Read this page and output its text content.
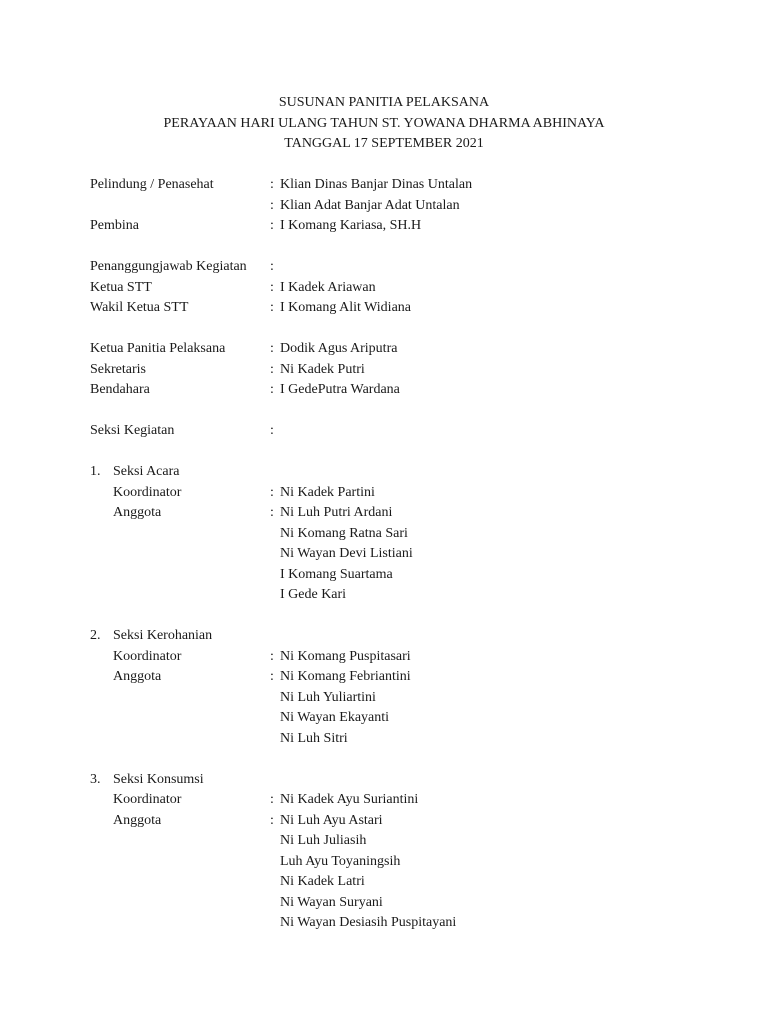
SUSUNAN PANITIA PELAKSANA
PERAYAAN HARI ULANG TAHUN ST. YOWANA DHARMA ABHINAYA
TANGGAL 17 SEPTEMBER 2021
Pelindung / Penasehat	: Klian Dinas Banjar Dinas Untalan
: Klian Adat Banjar Adat Untalan
Pembina	: I Komang Kariasa, SH.H
Penanggungjawab Kegiatan :
Ketua STT	: I Kadek Ariawan
Wakil Ketua STT	: I Komang Alit Widiana
Ketua Panitia Pelaksana	: Dodik Agus Ariputra
Sekretaris	: Ni Kadek Putri
Bendahara	: I GedePutra Wardana
Seksi Kegiatan	:
1. Seksi Acara
Koordinator	: Ni Kadek Partini
Anggota	: Ni Luh Putri Ardani
Ni Komang Ratna Sari
Ni Wayan Devi Listiani
I Komang Suartama
I Gede Kari
2. Seksi Kerohanian
Koordinator	: Ni Komang Puspitasari
Anggota	: Ni Komang Febriantini
Ni Luh Yuliartini
Ni Wayan Ekayanti
Ni Luh Sitri
3. Seksi Konsumsi
Koordinator	: Ni Kadek Ayu Suriantini
Anggota	: Ni Luh Ayu Astari
Ni Luh Juliasih
Luh Ayu Toyaningsih
Ni Kadek Latri
Ni Wayan Suryani
Ni Wayan Desiasih Puspitayani
